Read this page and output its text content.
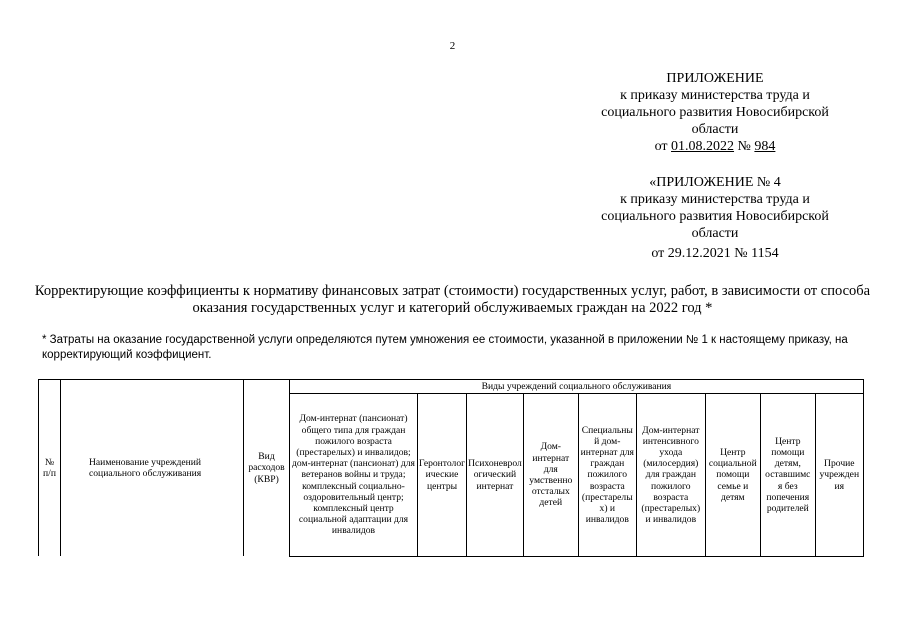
2
ПРИЛОЖЕНИЕ
к приказу министерства труда и
социального развития Новосибирской
области
от 01.08.2022 № 984
«ПРИЛОЖЕНИЕ № 4
к приказу министерства труда и
социального развития Новосибирской
области
от 29.12.2021 № 1154
Корректирующие коэффициенты к нормативу финансовых затрат (стоимости) государственных услуг, работ, в зависимости от способа оказания государственных услуг и категорий обслуживаемых граждан на 2022 год *
* Затраты на оказание государственной услуги определяются путем умножения ее стоимости, указанной в приложении № 1 к настоящему приказу, на корректирующий коэффициент.
№ п/п	Наименование учреждений социального обслуживания	Вид расходов (КВР)	Виды учреждений социального обслуживания								
			Дом-интернат (пансионат) общего типа для граждан пожилого возраста (престарелых) и инвалидов; дом-интернат (пансионат) для ветеранов войны и труда; комплексный социально-оздоровительный центр; комплексный центр социальной адаптации для инвалидов	Геронтолог ические центры	Психоневрол огический интернат	Дом-интернат для умственно отсталых детей	Специальны й дом-интернат для граждан пожилого возраста (престарелы х) и инвалидов	Дом-интернат интенсивного ухода (милосердия) для граждан пожилого возраста (престарелых) и инвалидов	Центр социальной помощи семье и детям	Центр помощи детям, оставшимс я без попечения родителей	Прочие учрежден ия
